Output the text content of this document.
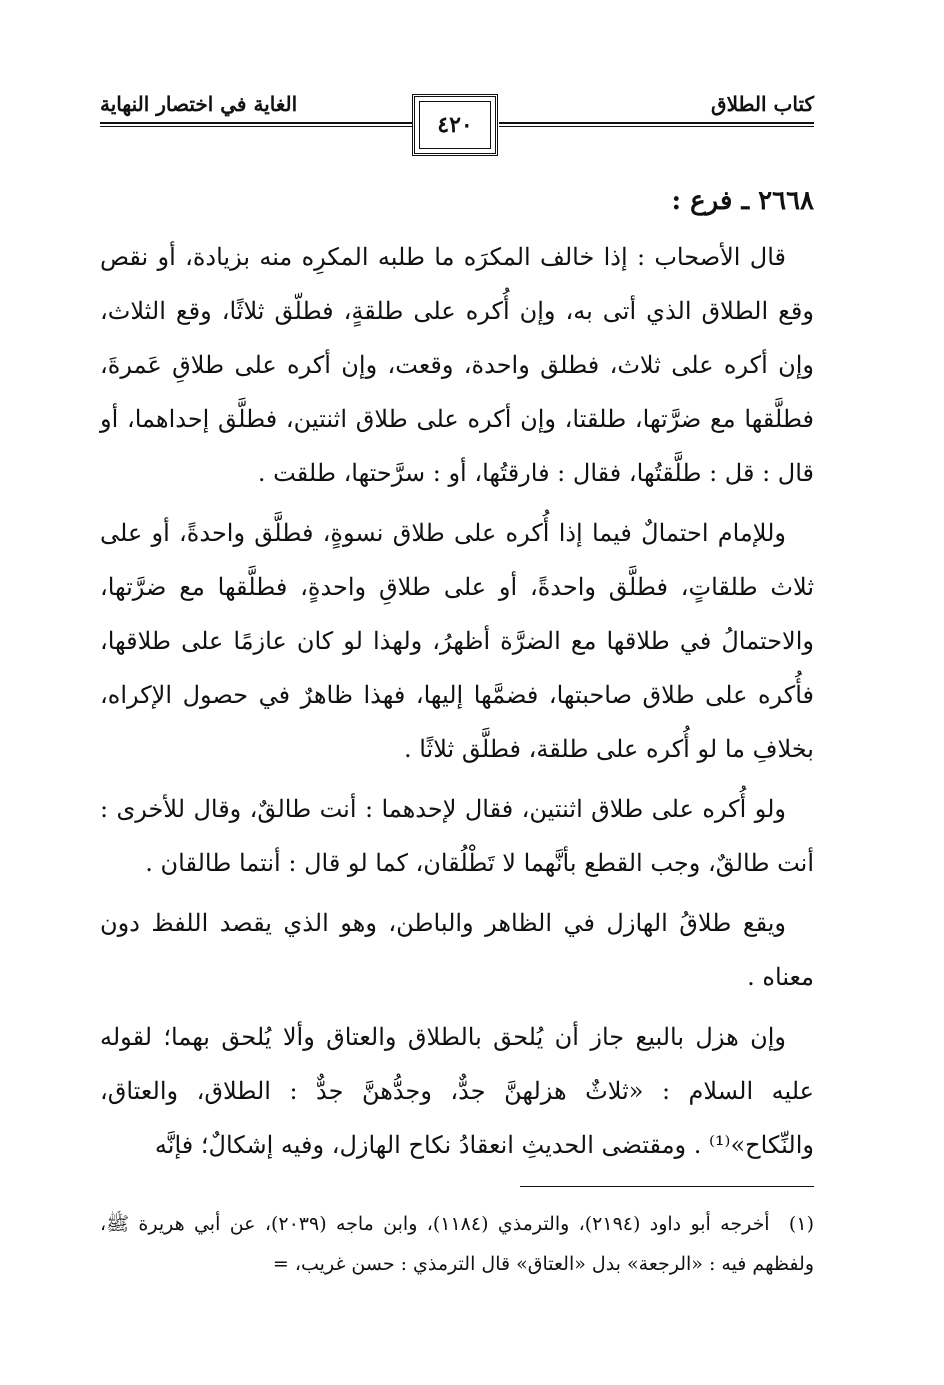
كتاب الطلاق
الغاية في اختصار النهاية
٤٢٠
٢٦٦٨ ـ فرع :

قال الأصحاب : إذا خالف المكرَه ما طلبه المكرِه منه بزيادة، أو نقص وقع الطلاق الذي أتى به، وإن أُكره على طلقةٍ، فطلّق ثلاثًا، وقع الثلاث، وإن أكره على ثلاث، فطلق واحدة، وقعت، وإن أكره على طلاقِ عَمرةَ، فطلَّقها مع ضرَّتها، طلقتا، وإن أكره على طلاق اثنتين، فطلَّق إحداهما، أو قال : قل : طلَّقتُها، فقال : فارقتُها، أو : سرَّحتها، طلقت .

وللإمام احتمالٌ فيما إذا أُكره على طلاق نسوةٍ، فطلَّق واحدةً، أو على ثلاث طلقاتٍ، فطلَّق واحدةً، أو على طلاقِ واحدةٍ، فطلَّقها مع ضرَّتها، والاحتمالُ في طلاقها مع الضرَّة أظهرُ، ولهذا لو كان عازمًا على طلاقها، فأُكره على طلاق صاحبتها، فضمَّها إليها، فهذا ظاهرٌ في حصول الإكراه، بخلافِ ما لو أُكره على طلقة، فطلَّق ثلاثًا .

ولو أُكره على طلاق اثنتين، فقال لإحدهما : أنت طالقٌ، وقال للأخرى : أنت طالقٌ، وجب القطع بأنَّهما لا تَطْلُقان، كما لو قال : أنتما طالقان .

ويقع طلاقُ الهازل في الظاهر والباطن، وهو الذي يقصد اللفظ دون معناه .

وإن هزل بالبيع جاز أن يُلحق بالطلاق والعتاق وألا يُلحق بهما؛ لقوله عليه السلام : «ثلاثٌ هزلهنَّ جدٌّ، وجدُّهنَّ جدٌّ : الطلاق، والعتاق، والنِّكاح»⁽¹⁾ . ومقتضى الحديثِ انعقادُ نكاح الهازل، وفيه إشكالٌ؛ فإنَّه

(١) أخرجه أبو داود (٢١٩٤)، والترمذي (١١٨٤)، وابن ماجه (٢٠٣٩)، عن أبي هريرة ﷺ، ولفظهم فيه : «الرجعة» بدل «العتاق» قال الترمذي : حسن غريب، =
